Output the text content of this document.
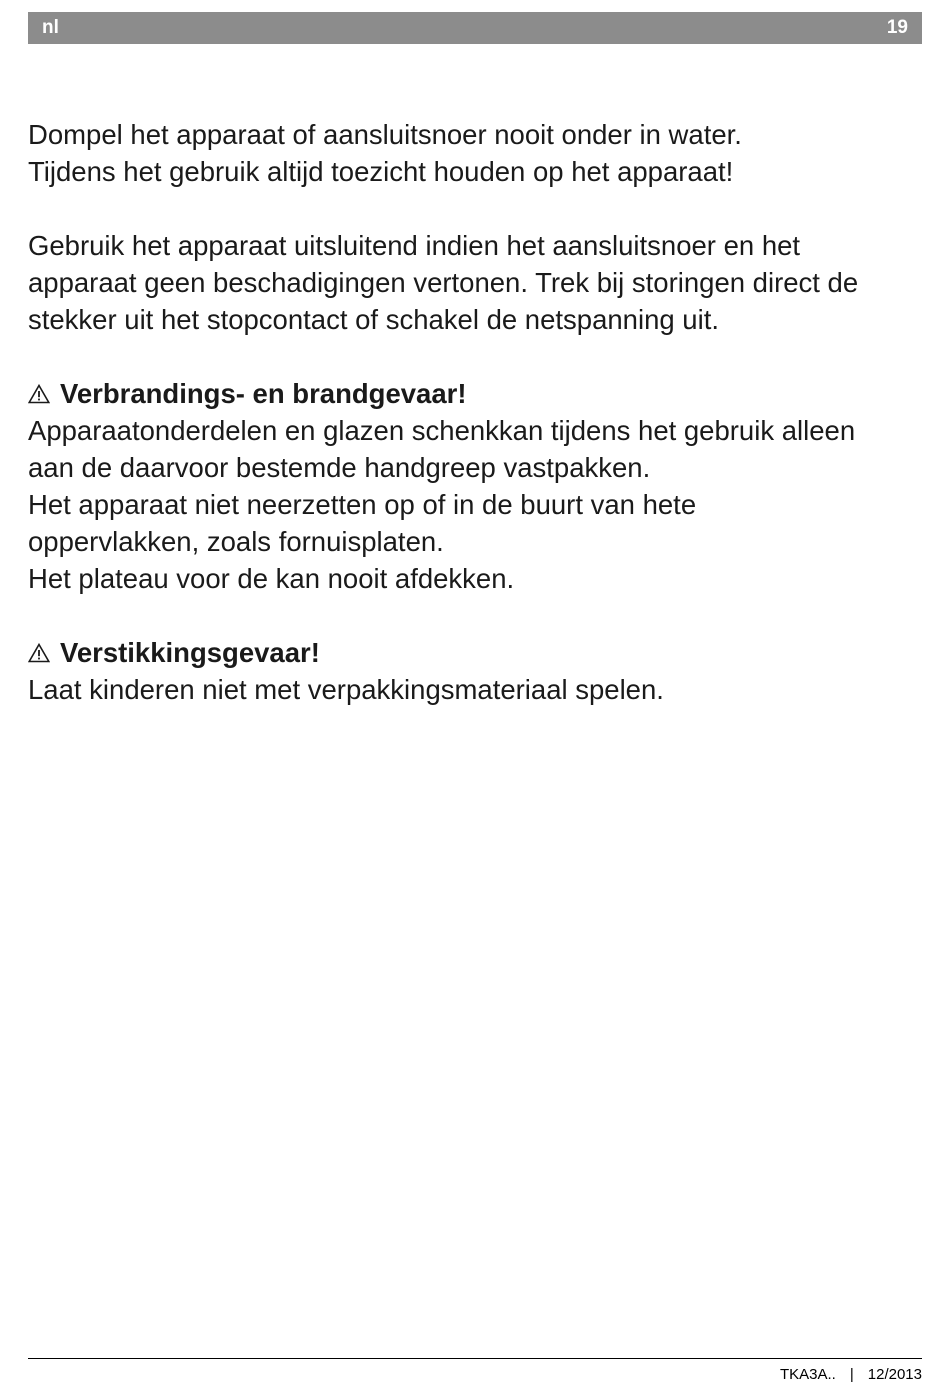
nl	19

Dompel het apparaat of aansluitsnoer nooit onder in water.

Tijdens het gebruik altijd toezicht houden op het apparaat!

Gebruik het apparaat uitsluitend indien het aansluitsnoer en het

apparaat geen beschadigingen vertonen. Trek bij storingen direct de

stekker uit het stopcontact of schakel de netspanning uit.

Verbrandings- en brandgevaar!

Apparaatonderdelen en glazen schenkkan tijdens het gebruik alleen

aan de daarvoor bestemde handgreep vastpakken.

Het apparaat niet neerzetten op of in de buurt van hete

oppervlakken, zoals fornuisplaten.

Het plateau voor de kan nooit afdekken.

Verstikkingsgevaar!

Laat kinderen niet met verpakkingsmateriaal spelen.

TKA3A.. | 12/2013
